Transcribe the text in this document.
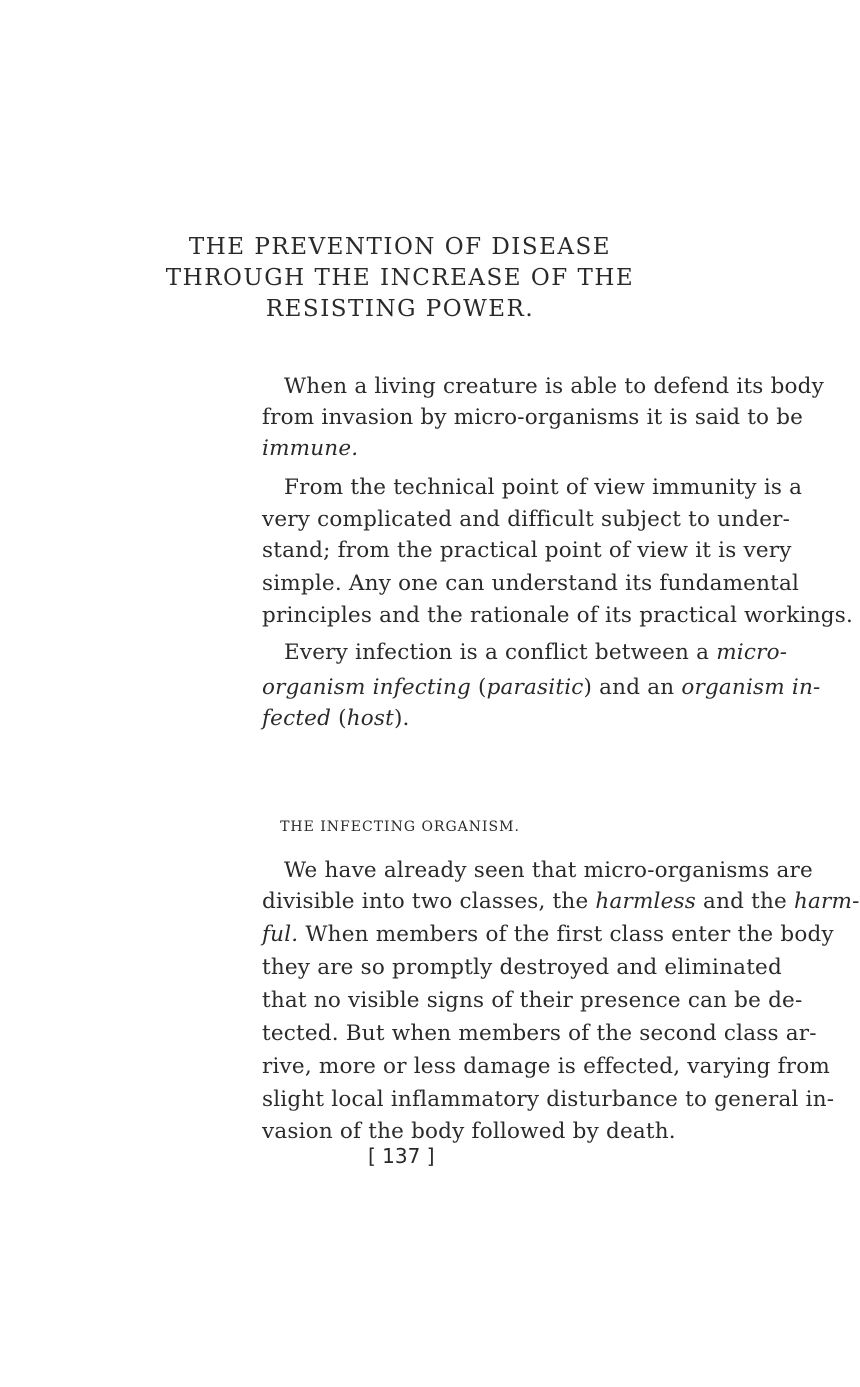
THE PREVENTION OF DISEASE
THROUGH THE INCREASE OF THE
RESISTING POWER.
When a living creature is able to defend its body
from invasion by micro-organisms it is said to be
immune.
From the technical point of view immunity is a
very complicated and difficult subject to under-
stand; from the practical point of view it is very
simple. Any one can understand its fundamental
principles and the rationale of its practical workings.
Every infection is a conflict between a micro-
organism infecting (parasitic) and an organism in-
fected (host).
THE INFECTING ORGANISM.
We have already seen that micro-organisms are
divisible into two classes, the harmless and the harm-
ful. When members of the first class enter the body
they are so promptly destroyed and eliminated
that no visible signs of their presence can be de-
tected. But when members of the second class ar-
rive, more or less damage is effected, varying from
slight local inflammatory disturbance to general in-
vasion of the body followed by death.
[ 137 ]
